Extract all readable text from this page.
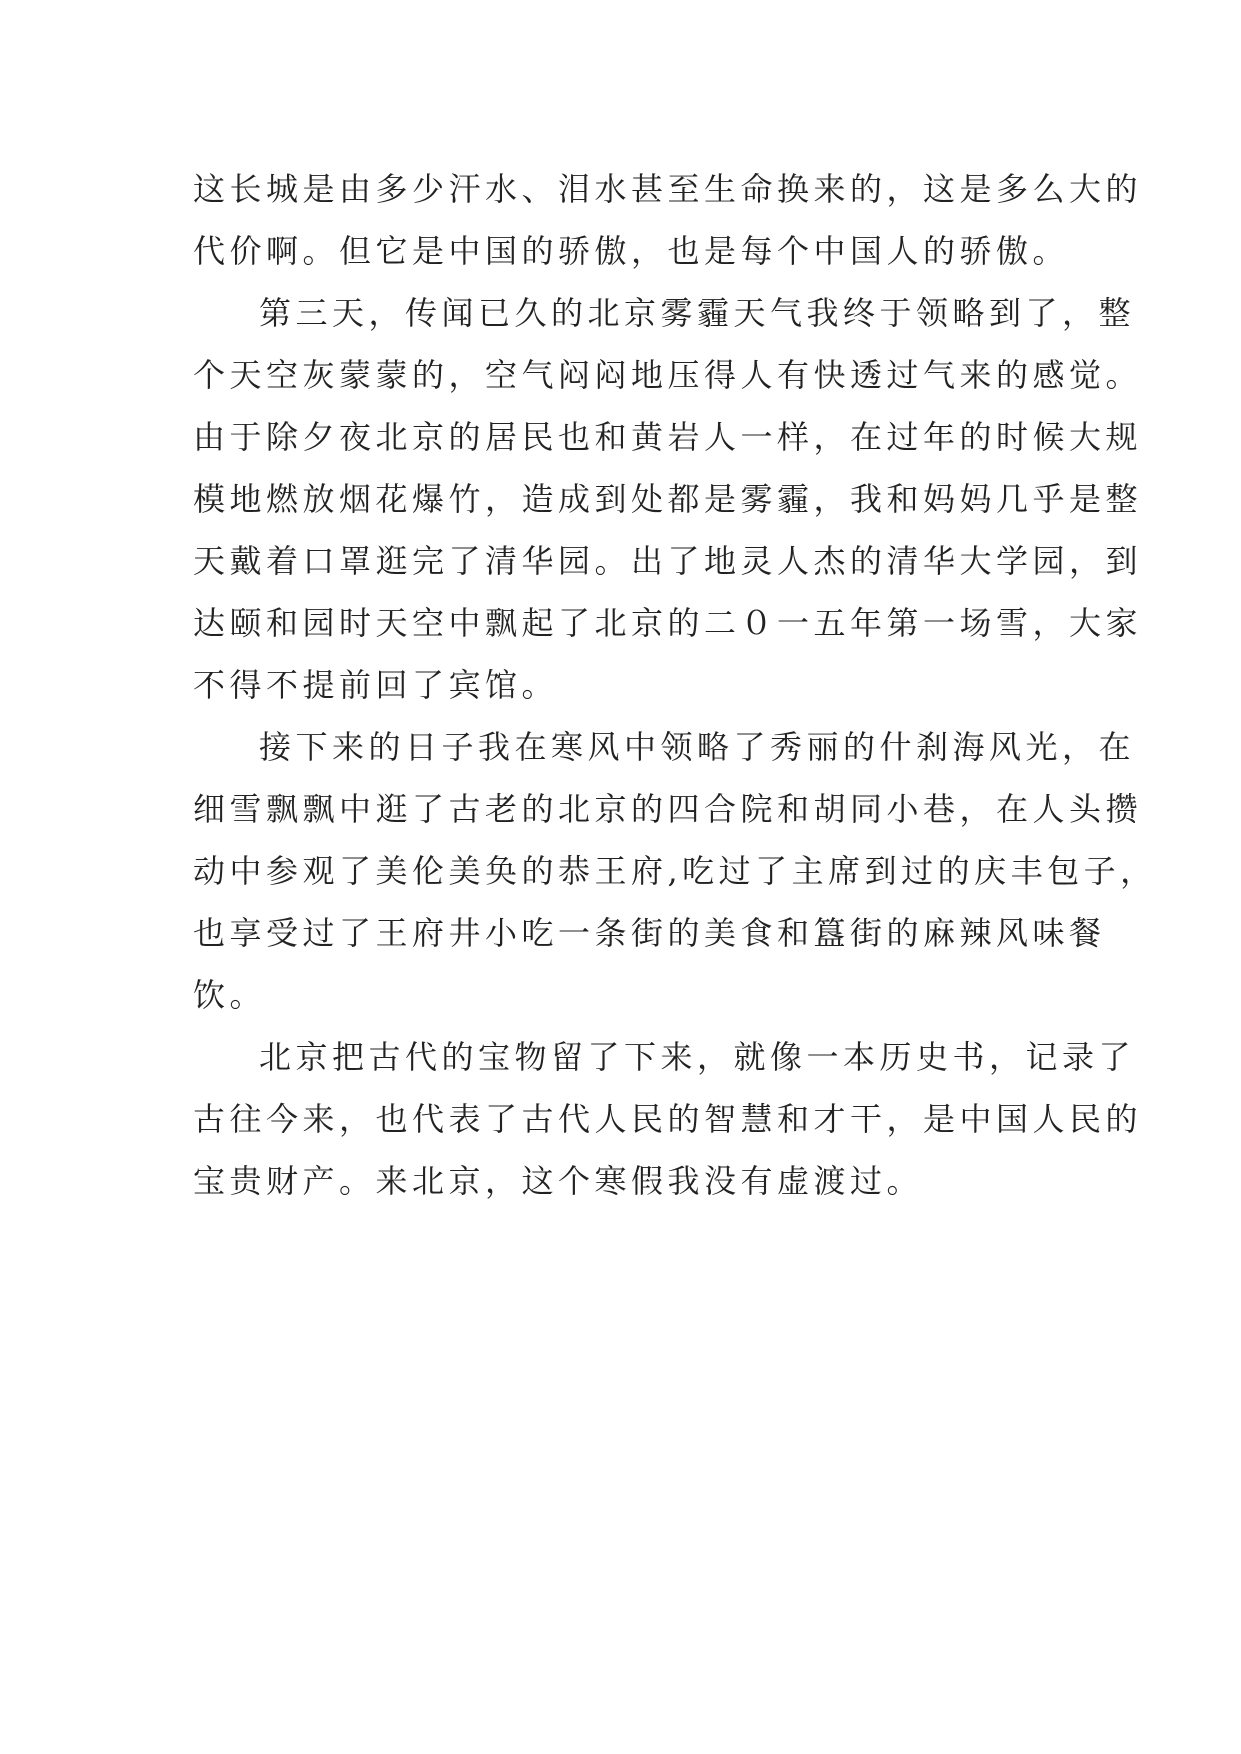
这长城是由多少汗水、泪水甚至生命换来的，这是多么大的
代价啊。但它是中国的骄傲，也是每个中国人的骄傲。
第三天，传闻已久的北京雾霾天气我终于领略到了，整
个天空灰蒙蒙的，空气闷闷地压得人有快透过气来的感觉。
由于除夕夜北京的居民也和黄岩人一样，在过年的时候大规
模地燃放烟花爆竹，造成到处都是雾霾，我和妈妈几乎是整
天戴着口罩逛完了清华园。出了地灵人杰的清华大学园，到
达颐和园时天空中飘起了北京的二０一五年第一场雪，大家
不得不提前回了宾馆。
接下来的日子我在寒风中领略了秀丽的什刹海风光，在
细雪飘飘中逛了古老的北京的四合院和胡同小巷，在人头攒
动中参观了美伦美奂的恭王府,吃过了主席到过的庆丰包子，
也享受过了王府井小吃一条街的美食和簋街的麻辣风味餐
饮。
北京把古代的宝物留了下来，就像一本历史书，记录了
古往今来，也代表了古代人民的智慧和才干，是中国人民的
宝贵财产。来北京，这个寒假我没有虚渡过。
